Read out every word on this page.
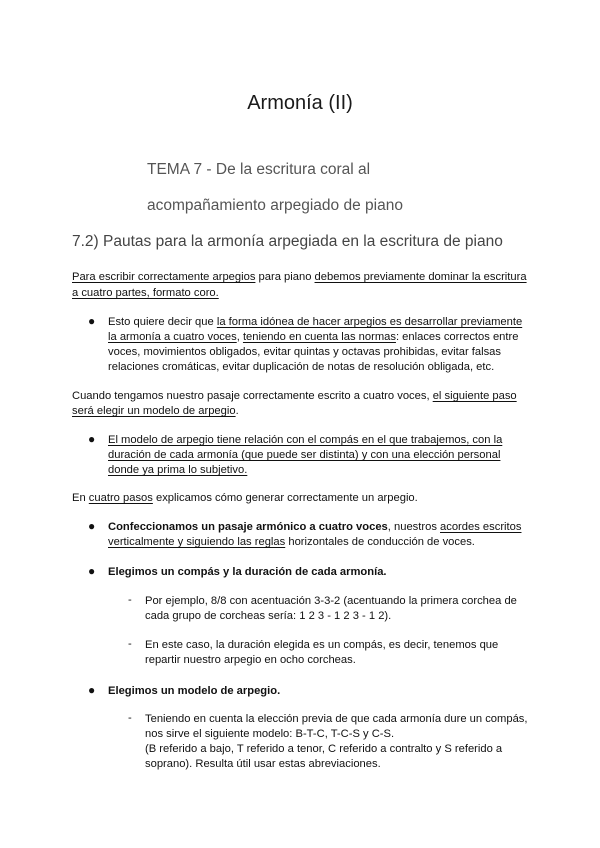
Armonía (II)
TEMA 7 - De la escritura coral al
acompañamiento arpegiado de piano
7.2) Pautas para la armonía arpegiada en la escritura de piano
Para escribir correctamente arpegios para piano debemos previamente dominar la escritura
a cuatro partes, formato coro.
● Esto quiere decir que la forma idónea de hacer arpegios es desarrollar previamente
la armonía a cuatro voces, teniendo en cuenta las normas: enlaces correctos entre
voces, movimientos obligados, evitar quintas y octavas prohibidas, evitar falsas
relaciones cromáticas, evitar duplicación de notas de resolución obligada, etc.
Cuando tengamos nuestro pasaje correctamente escrito a cuatro voces, el siguiente paso
será elegir un modelo de arpegio.
● El modelo de arpegio tiene relación con el compás en el que trabajemos, con la
duración de cada armonía (que puede ser distinta) y con una elección personal
donde ya prima lo subjetivo.
En cuatro pasos explicamos cómo generar correctamente un arpegio.
● Confeccionamos un pasaje armónico a cuatro voces, nuestros acordes escritos
verticalmente y siguiendo las reglas horizontales de conducción de voces.
● Elegimos un compás y la duración de cada armonía.
- Por ejemplo, 8/8 con acentuación 3-3-2 (acentuando la primera corchea de
cada grupo de corcheas sería: 1 2 3 - 1 2 3 - 1 2).
- En este caso, la duración elegida es un compás, es decir, tenemos que
repartir nuestro arpegio en ocho corcheas.
● Elegimos un modelo de arpegio.
- Teniendo en cuenta la elección previa de que cada armonía dure un compás,
nos sirve el siguiente modelo: B-T-C, T-C-S y C-S.
(B referido a bajo, T referido a tenor, C referido a contralto y S referido a
soprano). Resulta útil usar estas abreviaciones.
